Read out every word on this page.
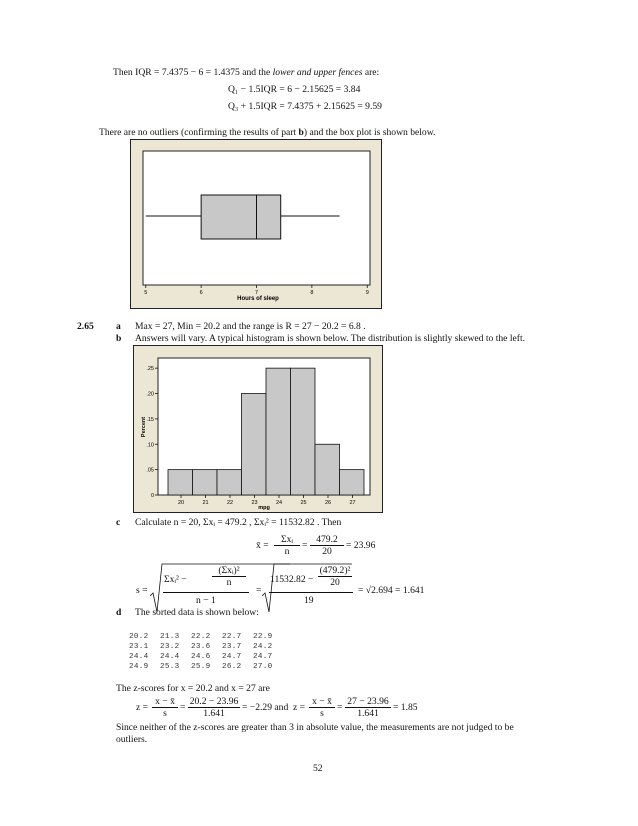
Then IQR = 7.4375 − 6 = 1.4375 and the lower and upper fences are:
Q₁ − 1.5IQR = 6 − 2.15625 = 3.84
Q₃ + 1.5IQR = 7.4375 + 2.15625 = 9.59
There are no outliers (confirming the results of part b) and the box plot is shown below.
5	6	7	8	9
Hours of sleep
2.65 a Max = 27, Min = 20.2 and the range is R = 27 − 20.2 = 6.8 .
b Answers will vary. A typical histogram is shown below. The distribution is slightly skewed to the left.
20	21	22	23	24	25	26	27
0
.05
.10
.15
.20
.25
mpg
Percent
c Calculate n = 20, Σxᵢ = 479.2 , Σxᵢ² = 11532.82 . Then
x̄ =
Σxᵢ
n
= $\frac{479.2}{20} = 23.96$
s =
Σxᵢ² −
(Σxᵢ)²
n
n − 1
=
$11532.82 - \frac{\text{(479.2)²}}{20}$
19
= √2.694 = 1.641
d The sorted data is shown below:
20.2	21.3	22.2	22.7	22.9
23.1	23.2	23.6	23.7	24.2
24.4	24.4	24.6	24.7	24.7
24.9	25.3	25.9	26.2	27.0
The z-scores for x = 20.2 and x = 27 are
$z = \frac{x - x̄}{s} = \frac{20.2 - 23.96}{1.641} = -2.29$ and $z = \frac{x - x̄}{s} = \frac{27 - 23.96}{1.641} = 1.85$
Since neither of the z-scores are greater than 3 in absolute value, the measurements are not judged to be
outliers.
52
